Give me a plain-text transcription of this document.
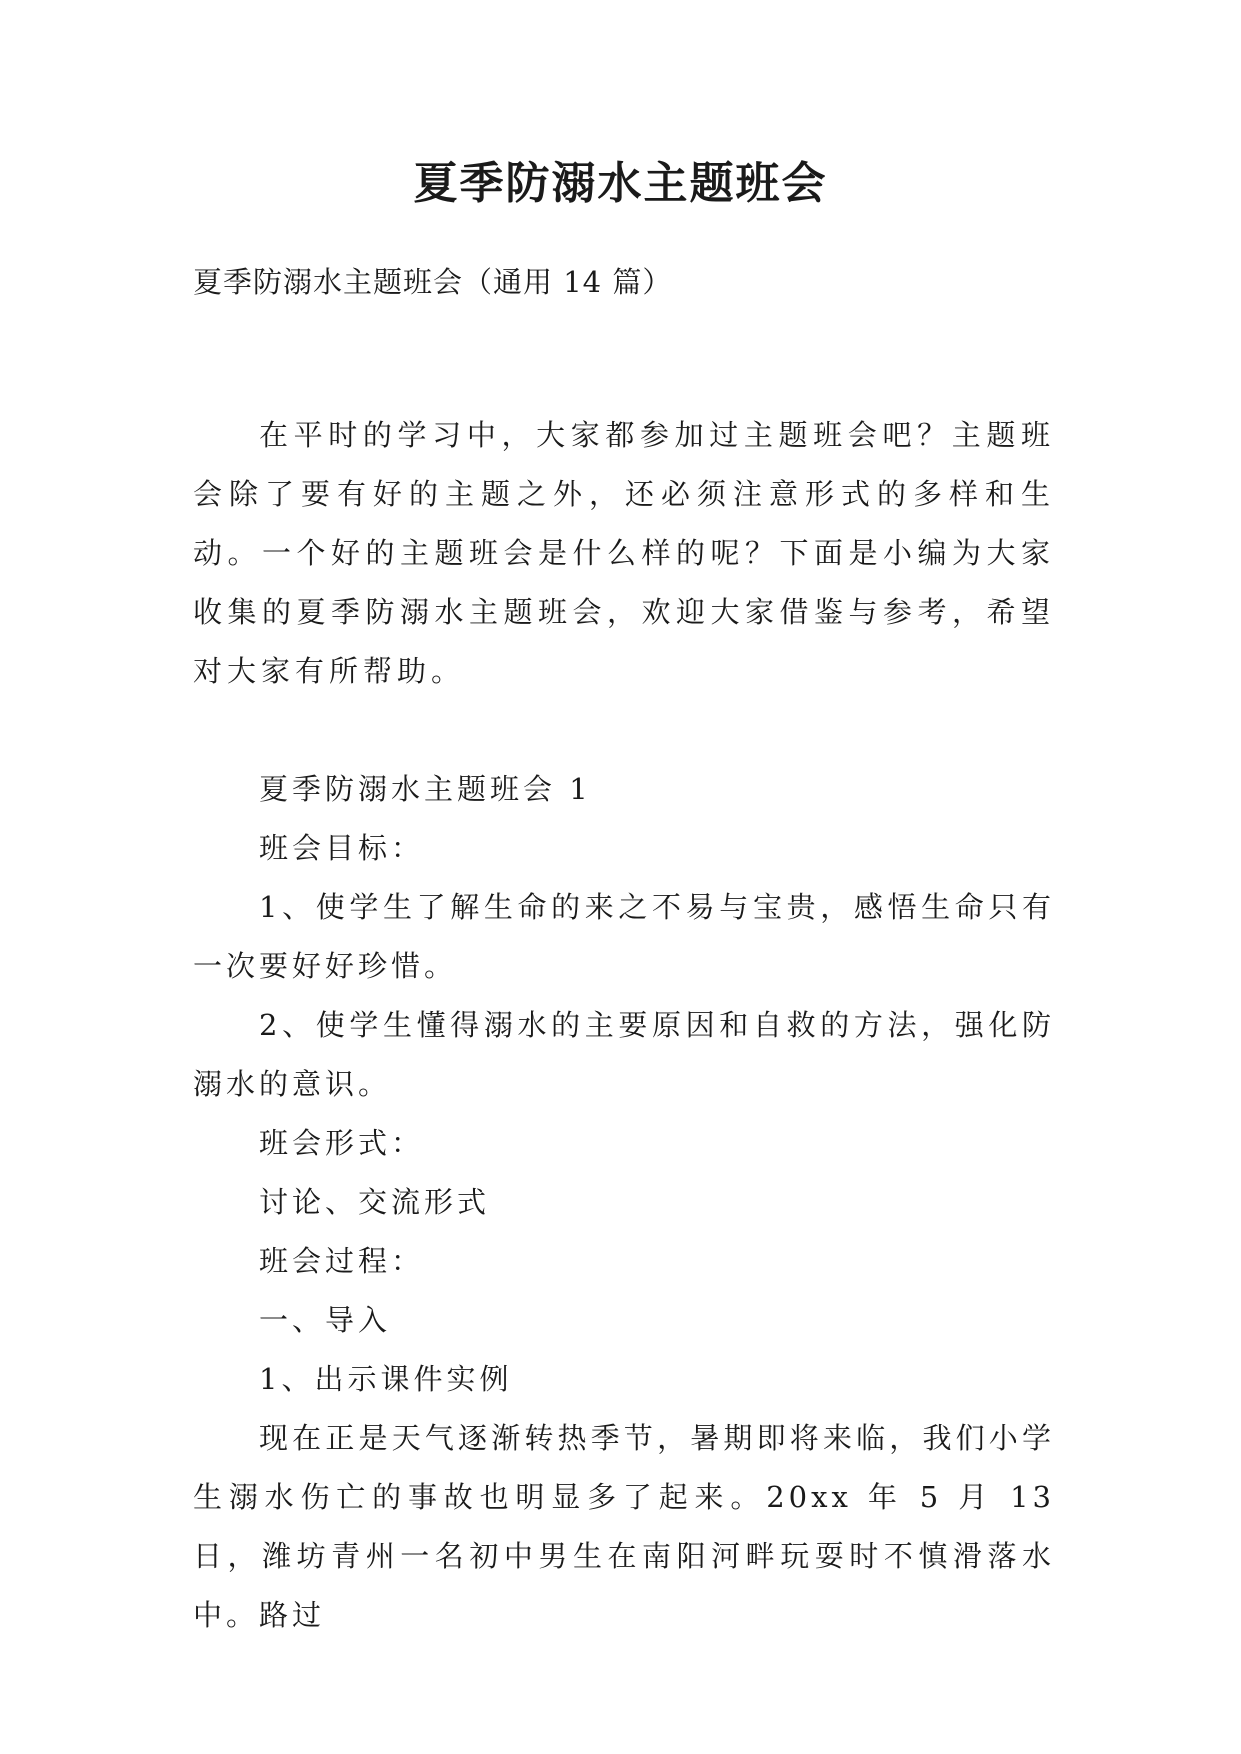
夏季防溺水主题班会
夏季防溺水主题班会（通用 14 篇）

在平时的学习中，大家都参加过主题班会吧？主题班会除了要有好的主题之外，还必须注意形式的多样和生动。一个好的主题班会是什么样的呢？下面是小编为大家收集的夏季防溺水主题班会，欢迎大家借鉴与参考，希望对大家有所帮助。

夏季防溺水主题班会 1

班会目标：

1、使学生了解生命的来之不易与宝贵，感悟生命只有一次要好好珍惜。

2、使学生懂得溺水的主要原因和自救的方法，强化防溺水的意识。

班会形式：

讨论、交流形式

班会过程：

一、导入

1、出示课件实例

现在正是天气逐渐转热季节，暑期即将来临，我们小学生溺水伤亡的事故也明显多了起来。20xx 年 5 月 13 日，潍坊青州一名初中男生在南阳河畔玩耍时不慎滑落水中。路过
